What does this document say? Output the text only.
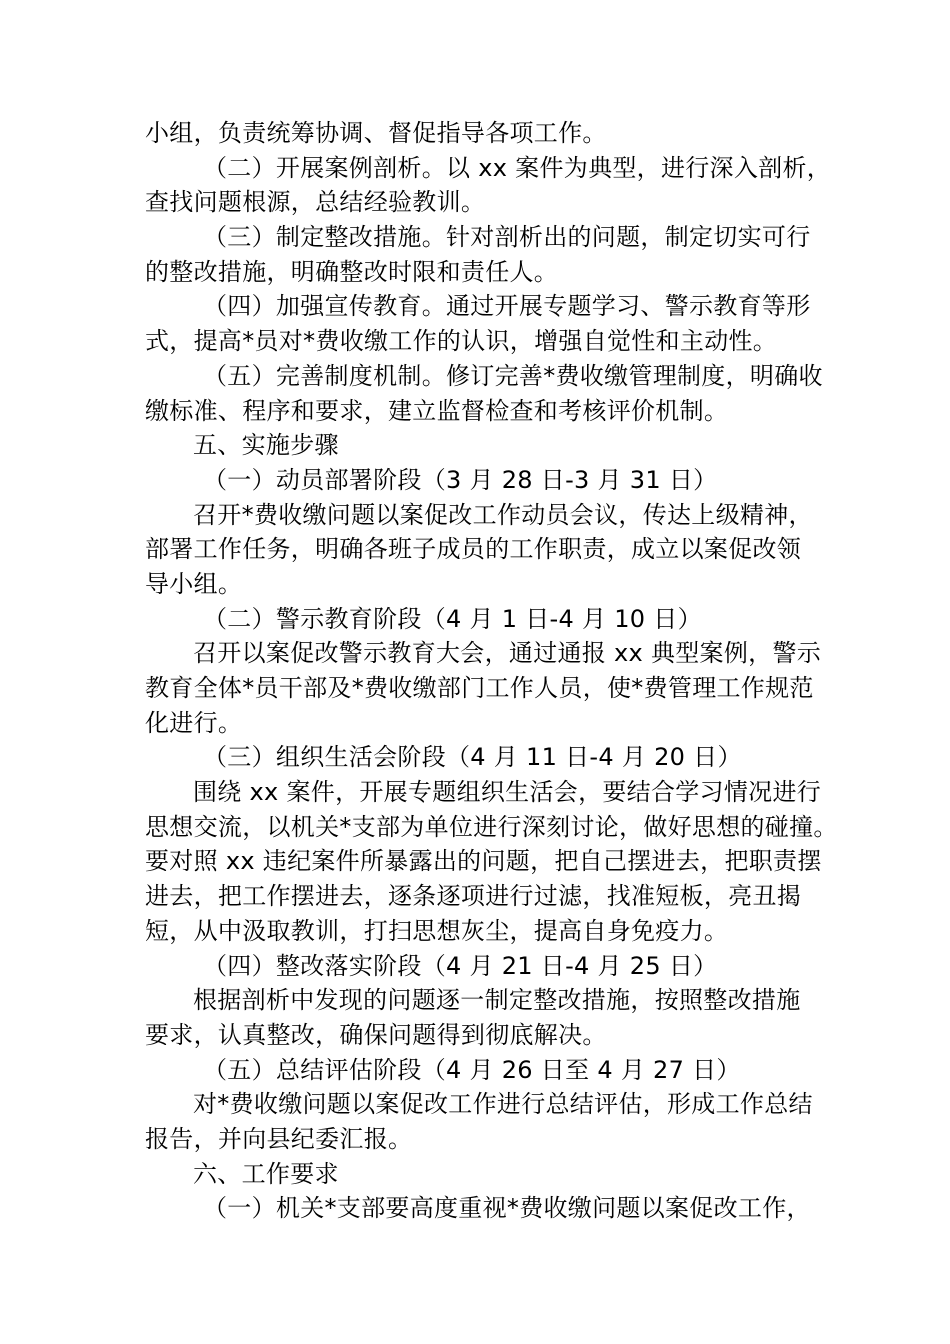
小组，负责统筹协调、督促指导各项工作。
（二）开展案例剖析。以 xx 案件为典型，进行深入剖析，
查找问题根源，总结经验教训。
（三）制定整改措施。针对剖析出的问题，制定切实可行
的整改措施，明确整改时限和责任人。
（四）加强宣传教育。通过开展专题学习、警示教育等形
式，提高*员对*费收缴工作的认识，增强自觉性和主动性。
（五）完善制度机制。修订完善*费收缴管理制度，明确收
缴标准、程序和要求，建立监督检查和考核评价机制。
五、实施步骤
（一）动员部署阶段（3 月 28 日-3 月 31 日）
召开*费收缴问题以案促改工作动员会议，传达上级精神，
部署工作任务，明确各班子成员的工作职责，成立以案促改领
导小组。
（二）警示教育阶段（4 月 1 日-4 月 10 日）
召开以案促改警示教育大会，通过通报 xx 典型案例，警示
教育全体*员干部及*费收缴部门工作人员，使*费管理工作规范
化进行。
（三）组织生活会阶段（4 月 11 日-4 月 20 日）
围绕 xx 案件，开展专题组织生活会，要结合学习情况进行
思想交流，以机关*支部为单位进行深刻讨论，做好思想的碰撞。
要对照 xx 违纪案件所暴露出的问题，把自己摆进去，把职责摆
进去，把工作摆进去，逐条逐项进行过滤，找准短板，亮丑揭
短，从中汲取教训，打扫思想灰尘，提高自身免疫力。
（四）整改落实阶段（4 月 21 日-4 月 25 日）
根据剖析中发现的问题逐一制定整改措施，按照整改措施
要求，认真整改，确保问题得到彻底解决。
（五）总结评估阶段（4 月 26 日至 4 月 27 日）
对*费收缴问题以案促改工作进行总结评估，形成工作总结
报告，并向县纪委汇报。
六、工作要求
（一）机关*支部要高度重视*费收缴问题以案促改工作，
